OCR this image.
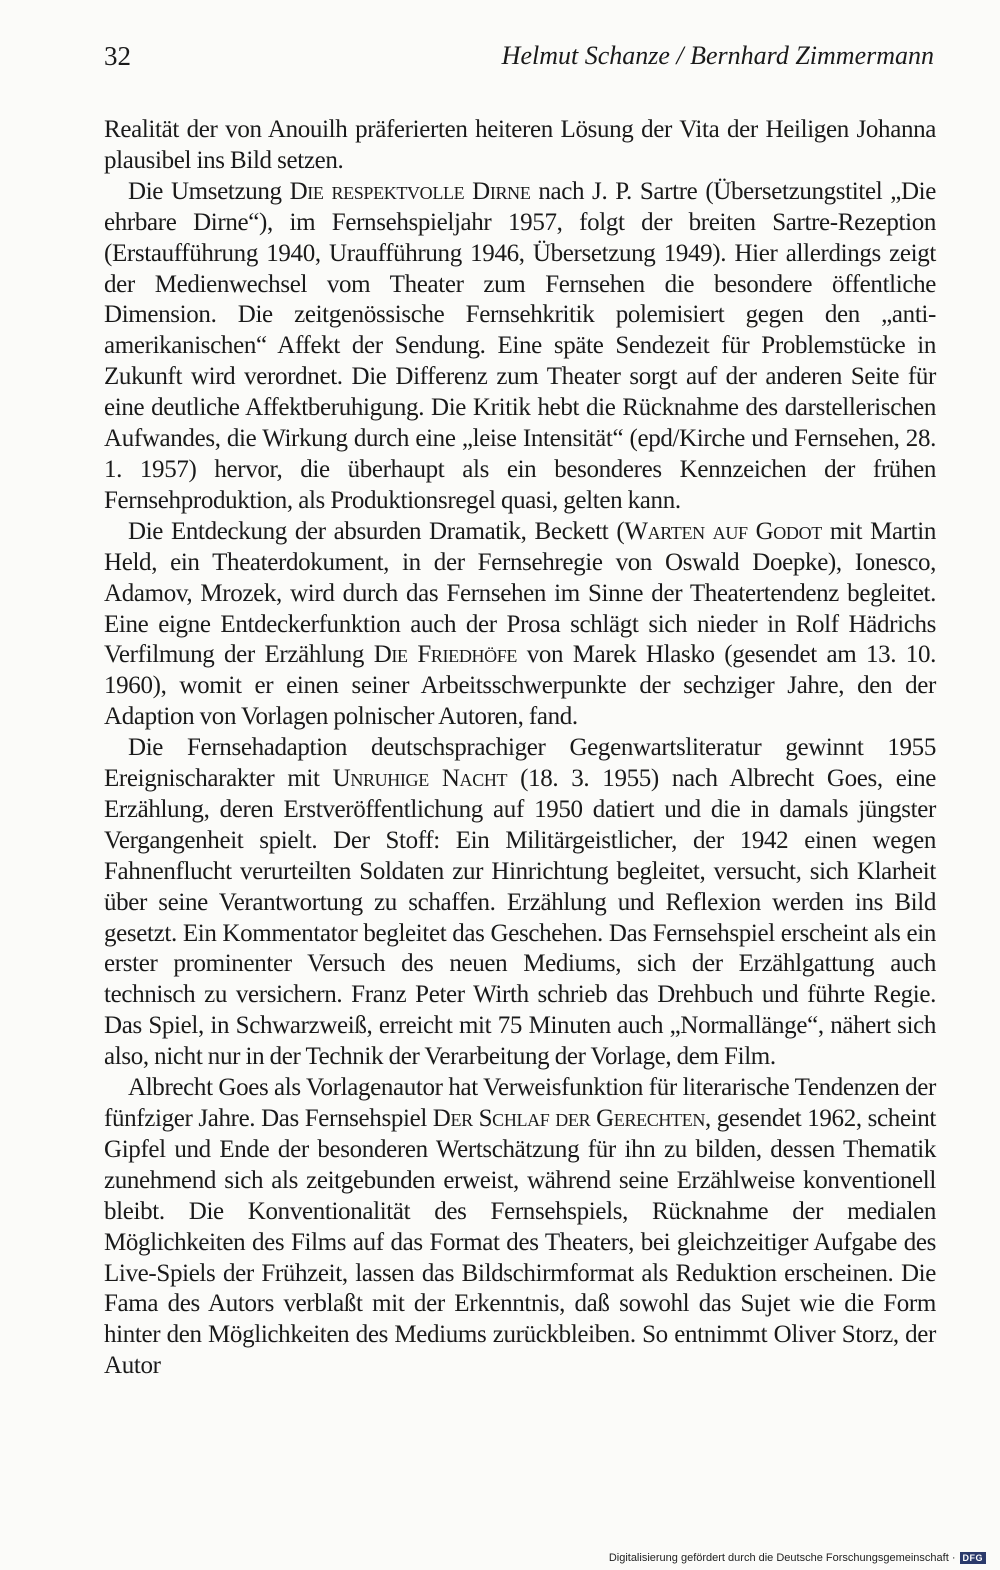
32	Helmut Schanze / Bernhard Zimmermann

Realität der von Anouilh präferierten heiteren Lösung der Vita der Heiligen Johanna plausibel ins Bild setzen.

Die Umsetzung Die respektvolle Dirne nach J. P. Sartre (Übersetzungstitel „Die ehrbare Dirne“), im Fernsehspieljahr 1957, folgt der breiten Sartre-Rezeption (Erstaufführung 1940, Uraufführung 1946, Übersetzung 1949). Hier allerdings zeigt der Medienwechsel vom Theater zum Fernsehen die besondere öffentliche Dimension. Die zeitgenössische Fernsehkritik polemisiert gegen den „anti-amerikanischen“ Affekt der Sendung. Eine späte Sendezeit für Problemstücke in Zukunft wird verordnet. Die Differenz zum Theater sorgt auf der anderen Seite für eine deutliche Affektberuhigung. Die Kritik hebt die Rücknahme des darstellerischen Aufwandes, die Wirkung durch eine „leise Intensität“ (epd/Kirche und Fernsehen, 28. 1. 1957) hervor, die überhaupt als ein besonderes Kennzeichen der frühen Fernsehproduktion, als Produktionsregel quasi, gelten kann.

Die Entdeckung der absurden Dramatik, Beckett (Warten auf Godot mit Martin Held, ein Theaterdokument, in der Fernsehregie von Oswald Doepke), Ionesco, Adamov, Mrozek, wird durch das Fernsehen im Sinne der Theatertendenz begleitet. Eine eigne Entdeckerfunktion auch der Prosa schlägt sich nieder in Rolf Hädrichs Verfilmung der Erzählung Die Friedhöfe von Marek Hlasko (gesendet am 13. 10. 1960), womit er einen seiner Arbeitsschwerpunkte der sechziger Jahre, den der Adaption von Vorlagen polnischer Autoren, fand.

Die Fernsehadaption deutschsprachiger Gegenwartsliteratur gewinnt 1955 Ereignischarakter mit Unruhige Nacht (18. 3. 1955) nach Albrecht Goes, eine Erzählung, deren Erstveröffentlichung auf 1950 datiert und die in damals jüngster Vergangenheit spielt. Der Stoff: Ein Militärgeistlicher, der 1942 einen wegen Fahnenflucht verurteilten Soldaten zur Hinrichtung begleitet, versucht, sich Klarheit über seine Verantwortung zu schaffen. Erzählung und Reflexion werden ins Bild gesetzt. Ein Kommentator begleitet das Geschehen. Das Fernsehspiel erscheint als ein erster prominenter Versuch des neuen Mediums, sich der Erzählgattung auch technisch zu versichern. Franz Peter Wirth schrieb das Drehbuch und führte Regie. Das Spiel, in Schwarzweiß, erreicht mit 75 Minuten auch „Normallänge“, nähert sich also, nicht nur in der Technik der Verarbeitung der Vorlage, dem Film.

Albrecht Goes als Vorlagenautor hat Verweisfunktion für literarische Tendenzen der fünfziger Jahre. Das Fernsehspiel Der Schlaf der Gerechten, gesendet 1962, scheint Gipfel und Ende der besonderen Wertschätzung für ihn zu bilden, dessen Thematik zunehmend sich als zeitgebunden erweist, während seine Erzählweise konventionell bleibt. Die Konventionalität des Fernsehspiels, Rücknahme der medialen Möglichkeiten des Films auf das Format des Theaters, bei gleichzeitiger Aufgabe des Live-Spiels der Frühzeit, lassen das Bildschirmformat als Reduktion erscheinen. Die Fama des Autors verblaßt mit der Erkenntnis, daß sowohl das Sujet wie die Form hinter den Möglichkeiten des Mediums zurückbleiben. So entnimmt Oliver Storz, der Autor

Digitalisierung gefördert durch die Deutsche Forschungsgemeinschaft · DFG
